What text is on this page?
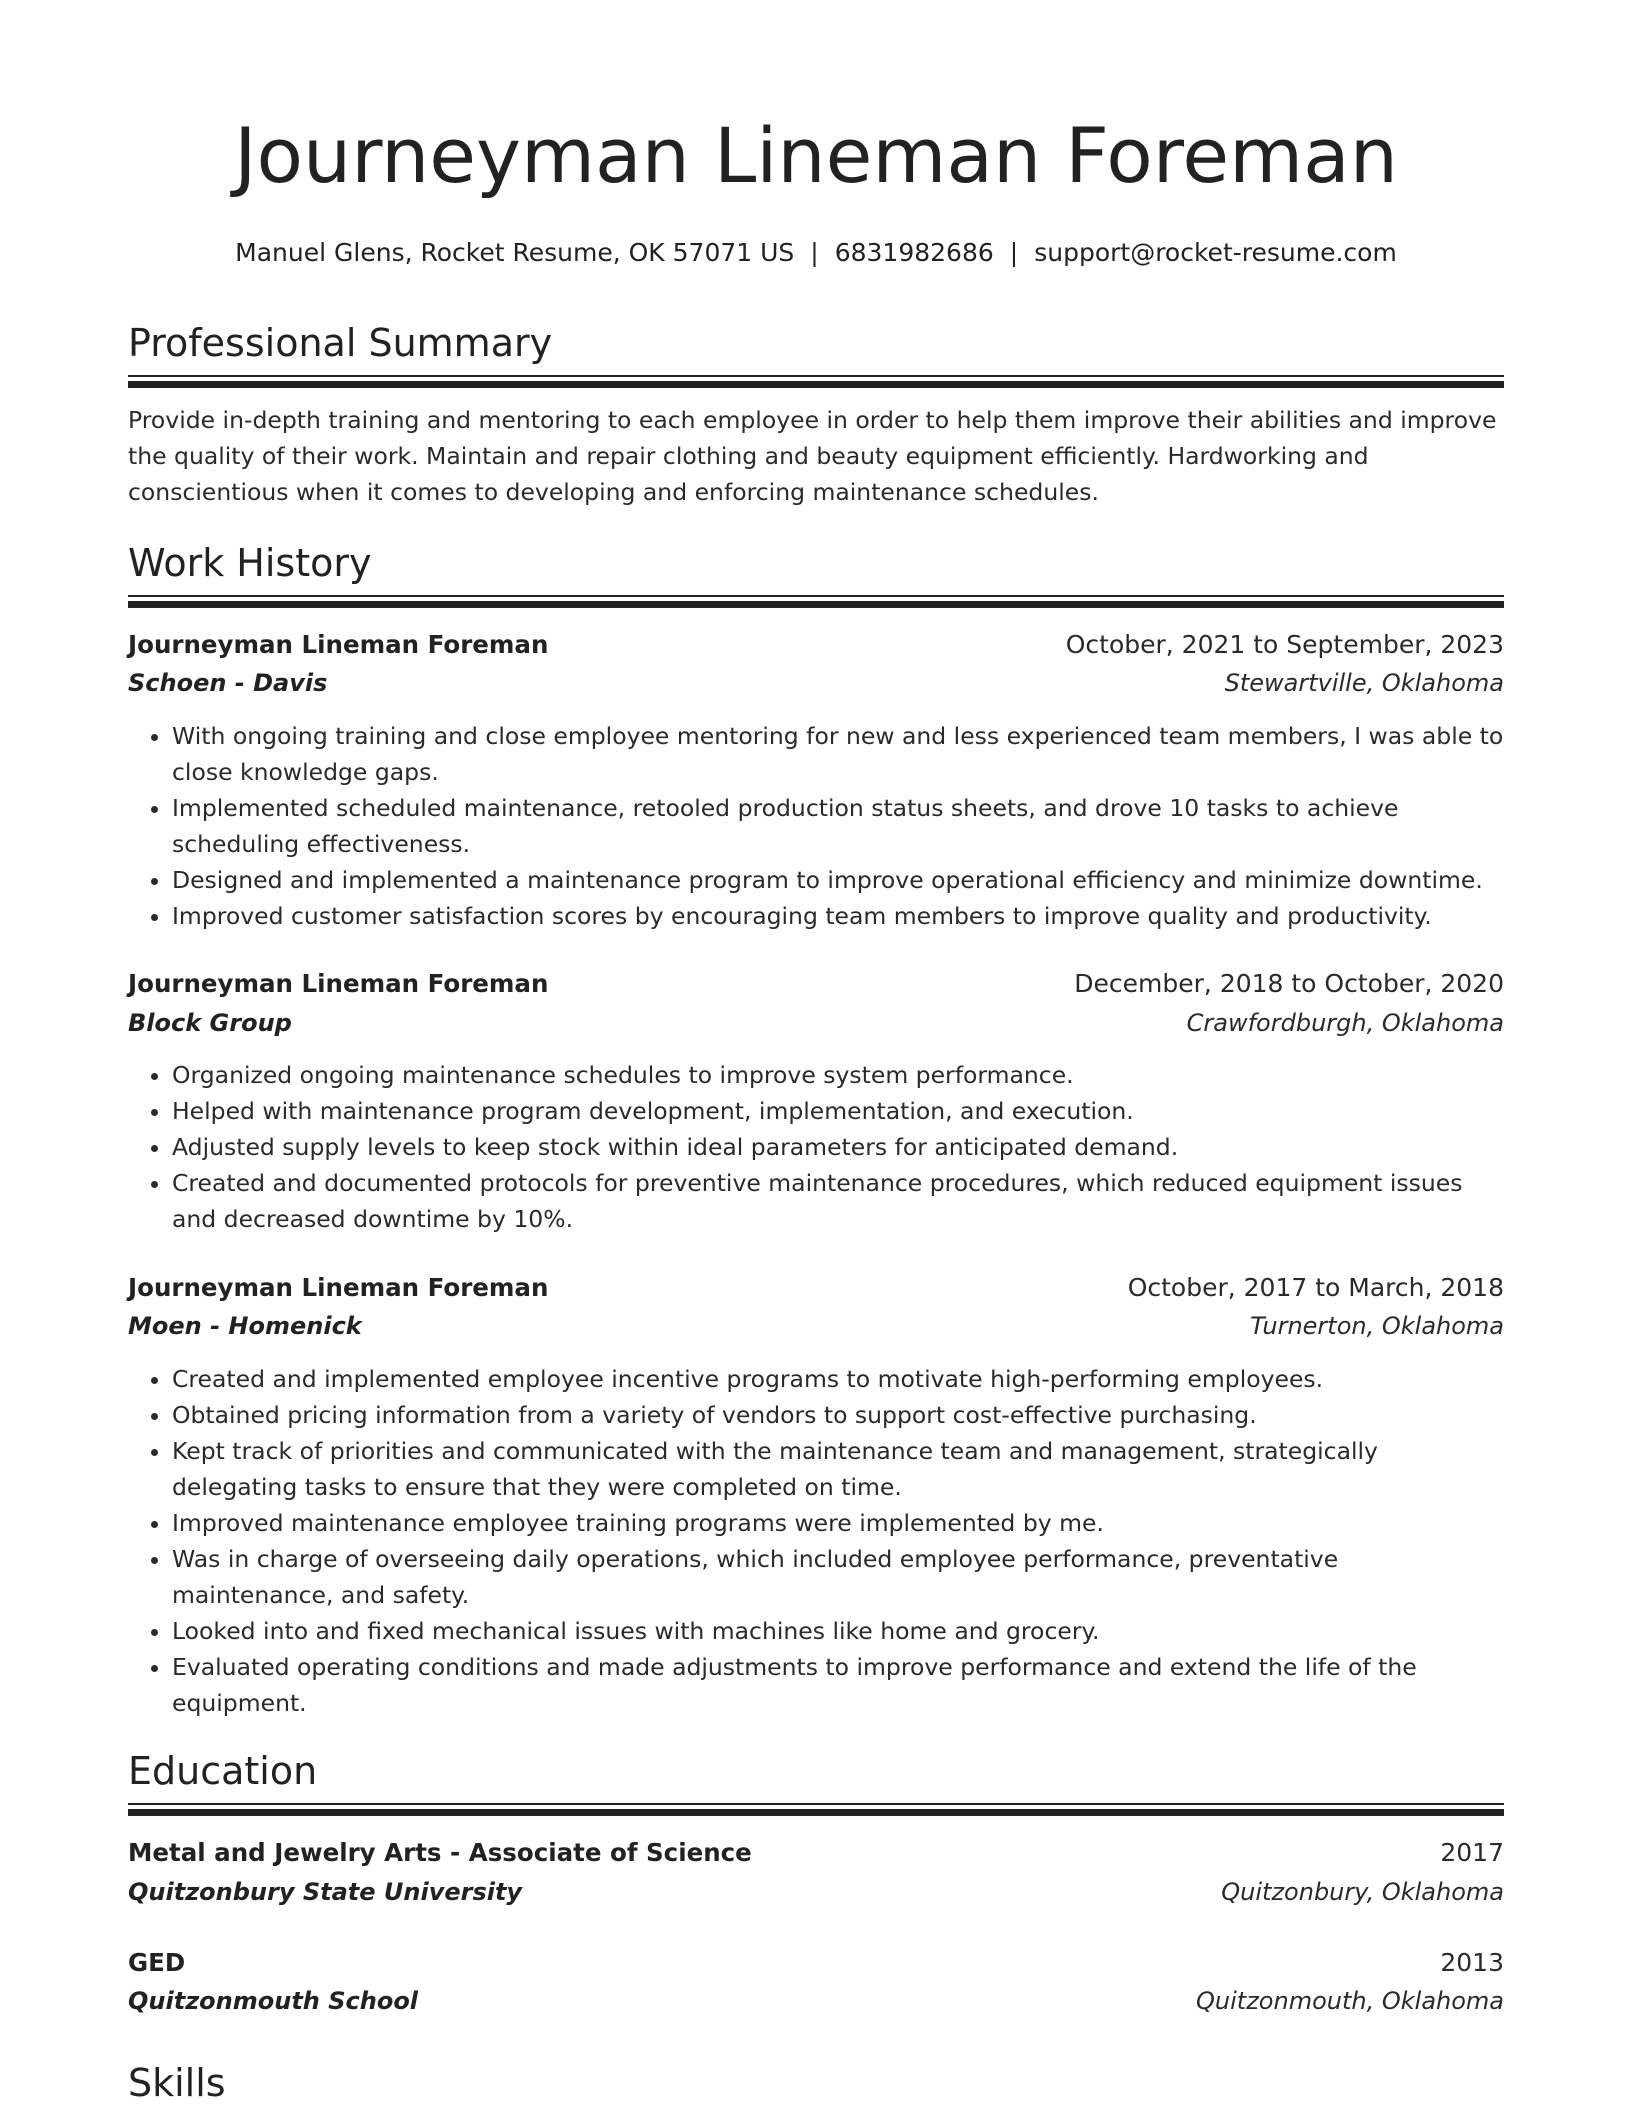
Journeyman Lineman Foreman
Manuel Glens, Rocket Resume, OK 57071 US | 6831982686 | support@rocket-resume.com
Professional Summary
Provide in-depth training and mentoring to each employee in order to help them improve their abilities and improve the quality of their work. Maintain and repair clothing and beauty equipment efficiently. Hardworking and conscientious when it comes to developing and enforcing maintenance schedules.
Work History
Journeyman Lineman Foreman	October, 2021 to September, 2023
Schoen - Davis	Stewartville, Oklahoma
• With ongoing training and close employee mentoring for new and less experienced team members, I was able to close knowledge gaps.
• Implemented scheduled maintenance, retooled production status sheets, and drove 10 tasks to achieve scheduling effectiveness.
• Designed and implemented a maintenance program to improve operational efficiency and minimize downtime.
• Improved customer satisfaction scores by encouraging team members to improve quality and productivity.
Journeyman Lineman Foreman	December, 2018 to October, 2020
Block Group	Crawfordburgh, Oklahoma
• Organized ongoing maintenance schedules to improve system performance.
• Helped with maintenance program development, implementation, and execution.
• Adjusted supply levels to keep stock within ideal parameters for anticipated demand.
• Created and documented protocols for preventive maintenance procedures, which reduced equipment issues and decreased downtime by 10%.
Journeyman Lineman Foreman	October, 2017 to March, 2018
Moen - Homenick	Turnerton, Oklahoma
• Created and implemented employee incentive programs to motivate high-performing employees.
• Obtained pricing information from a variety of vendors to support cost-effective purchasing.
• Kept track of priorities and communicated with the maintenance team and management, strategically delegating tasks to ensure that they were completed on time.
• Improved maintenance employee training programs were implemented by me.
• Was in charge of overseeing daily operations, which included employee performance, preventative maintenance, and safety.
• Looked into and fixed mechanical issues with machines like home and grocery.
• Evaluated operating conditions and made adjustments to improve performance and extend the life of the equipment.
Education
Metal and Jewelry Arts - Associate of Science	2017
Quitzonbury State University	Quitzonbury, Oklahoma
GED	2013
Quitzonmouth School	Quitzonmouth, Oklahoma
Skills
